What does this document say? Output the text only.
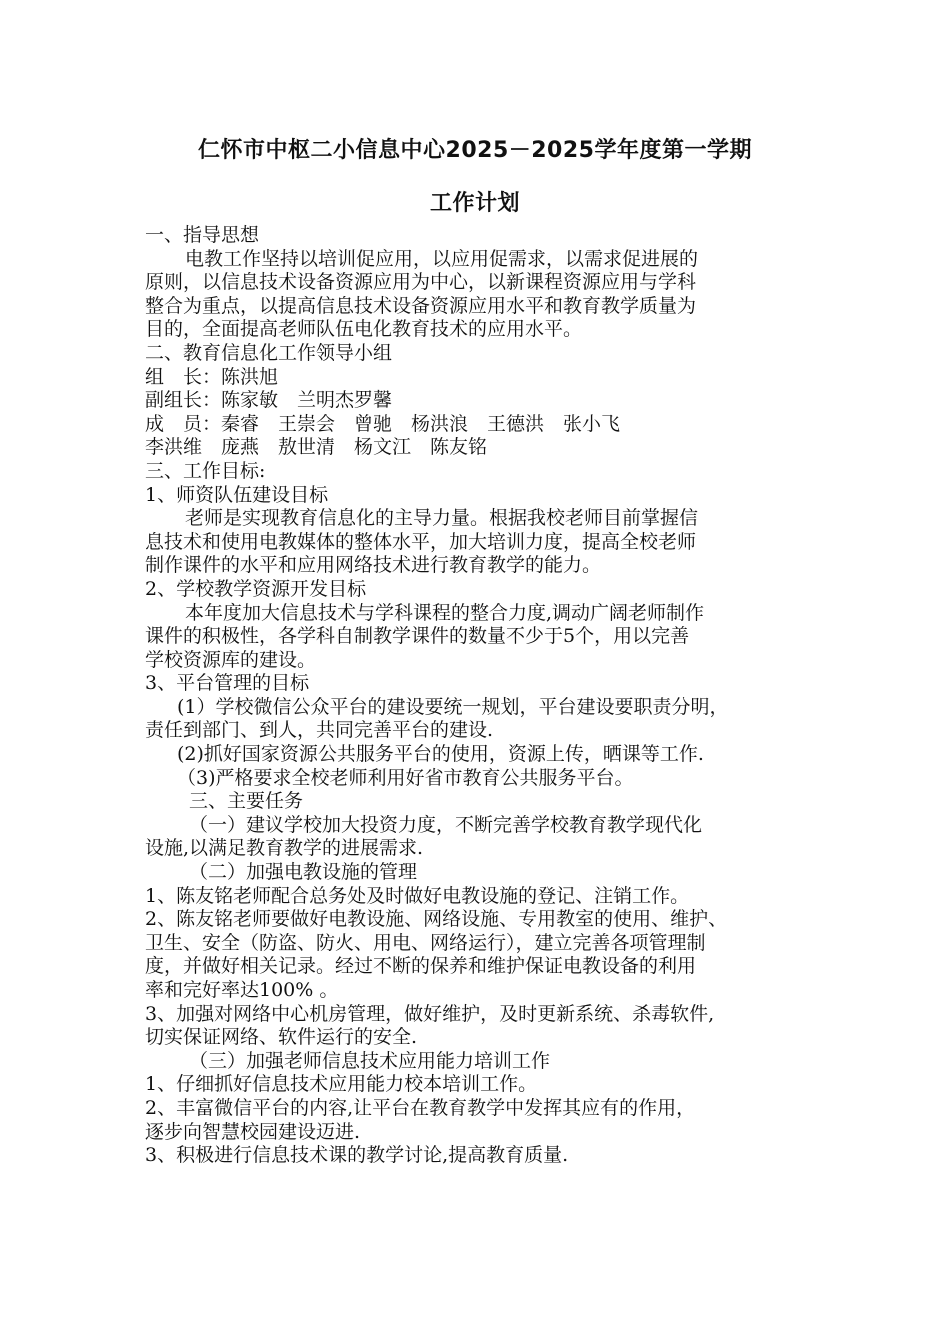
仁怀市中枢二小信息中心2025－2025学年度第一学期
工作计划
一、指导思想
电教工作坚持以培训促应用，以应用促需求，以需求促进展的
原则，以信息技术设备资源应用为中心，以新课程资源应用与学科
整合为重点，以提高信息技术设备资源应用水平和教育教学质量为
目的，全面提高老师队伍电化教育技术的应用水平。
二、教育信息化工作领导小组
组　长：陈洪旭
副组长：陈家敏　兰明杰罗馨
成　员：秦睿　王崇会　曾驰　杨洪浪　王德洪　张小飞
李洪维　庞燕　敖世清　杨文江　陈友铭
三、工作目标:
1、师资队伍建设目标
老师是实现教育信息化的主导力量。根据我校老师目前掌握信
息技术和使用电教媒体的整体水平，加大培训力度，提高全校老师
制作课件的水平和应用网络技术进行教育教学的能力。
2、学校教学资源开发目标
本年度加大信息技术与学科课程的整合力度,调动广阔老师制作
课件的积极性，各学科自制教学课件的数量不少于5个，用以完善
学校资源库的建设。
3、平台管理的目标
(1）学校微信公众平台的建设要统一规划，平台建设要职责分明，
责任到部门、到人，共同完善平台的建设.
(2)抓好国家资源公共服务平台的使用，资源上传，晒课等工作.
（3)严格要求全校老师利用好省市教育公共服务平台。
三、主要任务
（一）建议学校加大投资力度，不断完善学校教育教学现代化
设施,以满足教育教学的进展需求.
（二）加强电教设施的管理
1、陈友铭老师配合总务处及时做好电教设施的登记、注销工作。
2、陈友铭老师要做好电教设施、网络设施、专用教室的使用、维护、
卫生、安全（防盗、防火、用电、网络运行），建立完善各项管理制
度，并做好相关记录。经过不断的保养和维护保证电教设备的利用
率和完好率达100% 。
3、加强对网络中心机房管理，做好维护，及时更新系统、杀毒软件,
切实保证网络、软件运行的安全.
（三）加强老师信息技术应用能力培训工作
1、仔细抓好信息技术应用能力校本培训工作。
2、丰富微信平台的内容,让平台在教育教学中发挥其应有的作用，
逐步向智慧校园建设迈进.
3、积极进行信息技术课的教学讨论,提高教育质量.
